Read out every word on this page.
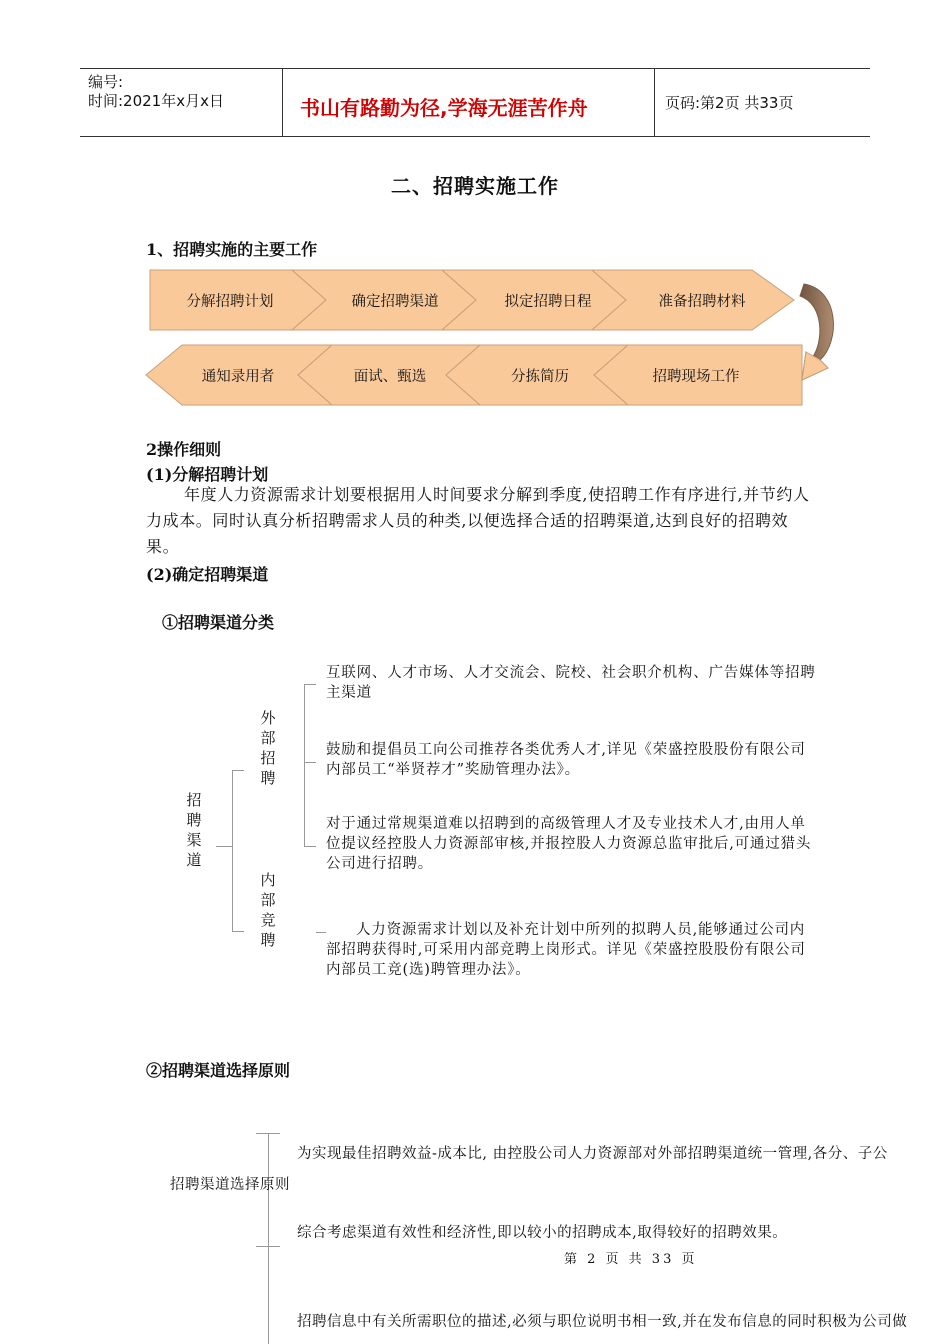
编号:
时间:2021年x月x日	书山有路勤为径,学海无涯苦作舟	页码:第2页 共33页
二、招聘实施工作
1、招聘实施的主要工作
分解招聘计划	确定招聘渠道	拟定招聘日程	准备招聘材料
通知录用者	面试、甄选	分拣简历	招聘现场工作
2操作细则
(1)分解招聘计划
年度人力资源需求计划要根据用人时间要求分解到季度,使招聘工作有序进行,并节约人力成本。同时认真分析招聘需求人员的种类,以便选择合适的招聘渠道,达到良好的招聘效果。
(2)确定招聘渠道
①招聘渠道分类
招聘渠道
外部招聘
内部竞聘
互联网、人才市场、人才交流会、院校、社会职介机构、广告媒体等招聘主渠道
鼓励和提倡员工向公司推荐各类优秀人才,详见《荣盛控股股份有限公司内部员工“举贤荐才”奖励管理办法》。
对于通过常规渠道难以招聘到的高级管理人才及专业技术人才,由用人单位提议经控股人力资源部审核,并报控股人力资源总监审批后,可通过猎头公司进行招聘。
人力资源需求计划以及补充计划中所列的拟聘人员,能够通过公司内部招聘获得时,可采用内部竞聘上岗形式。详见《荣盛控股股份有限公司内部员工竞(选)聘管理办法》。
②招聘渠道选择原则
招聘渠道选择原则
为实现最佳招聘效益-成本比, 由控股公司人力资源部对外部招聘渠道统一管理,各分、子公
综合考虑渠道有效性和经济性,即以较小的招聘成本,取得较好的招聘效果。
招聘信息中有关所需职位的描述,必须与职位说明书相一致,并在发布信息的同时积极为公司做
第 2 页 共 33 页
